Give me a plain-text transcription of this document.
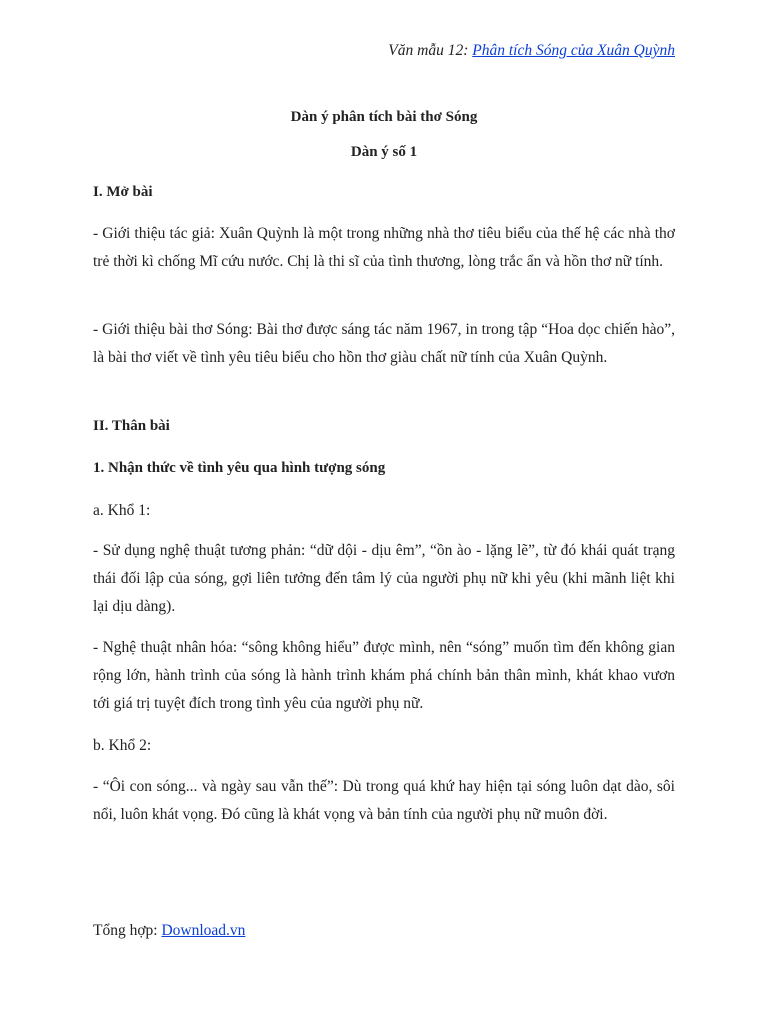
Văn mẫu 12: Phân tích Sóng của Xuân Quỳnh
Dàn ý phân tích bài thơ Sóng
Dàn ý số 1
I. Mở bài

- Giới thiệu tác giả: Xuân Quỳnh là một trong những nhà thơ tiêu biểu của thế hệ các nhà thơ trẻ thời kì chống Mĩ cứu nước. Chị là thi sĩ của tình thương, lòng trắc ẩn và hồn thơ nữ tính.

- Giới thiệu bài thơ Sóng: Bài thơ được sáng tác năm 1967, in trong tập “Hoa dọc chiến hào”, là bài thơ viết về tình yêu tiêu biểu cho hồn thơ giàu chất nữ tính của Xuân Quỳnh.

II. Thân bài
1. Nhận thức về tình yêu qua hình tượng sóng
a. Khổ 1:

- Sử dụng nghệ thuật tương phản: “dữ dội - dịu êm”, “ồn ào - lặng lẽ”, từ đó khái quát trạng thái đối lập của sóng, gợi liên tưởng đến tâm lý của người phụ nữ khi yêu (khi mãnh liệt khi lại dịu dàng).

- Nghệ thuật nhân hóa: “sông không hiểu” được mình, nên “sóng” muốn tìm đến không gian rộng lớn, hành trình của sóng là hành trình khám phá chính bản thân mình, khát khao vươn tới giá trị tuyệt đích trong tình yêu của người phụ nữ.

b. Khổ 2:

- “Ôi con sóng... và ngày sau vẫn thế”: Dù trong quá khứ hay hiện tại sóng luôn dạt dào, sôi nổi, luôn khát vọng. Đó cũng là khát vọng và bản tính của người phụ nữ muôn đời.

Tổng hợp: Download.vn
